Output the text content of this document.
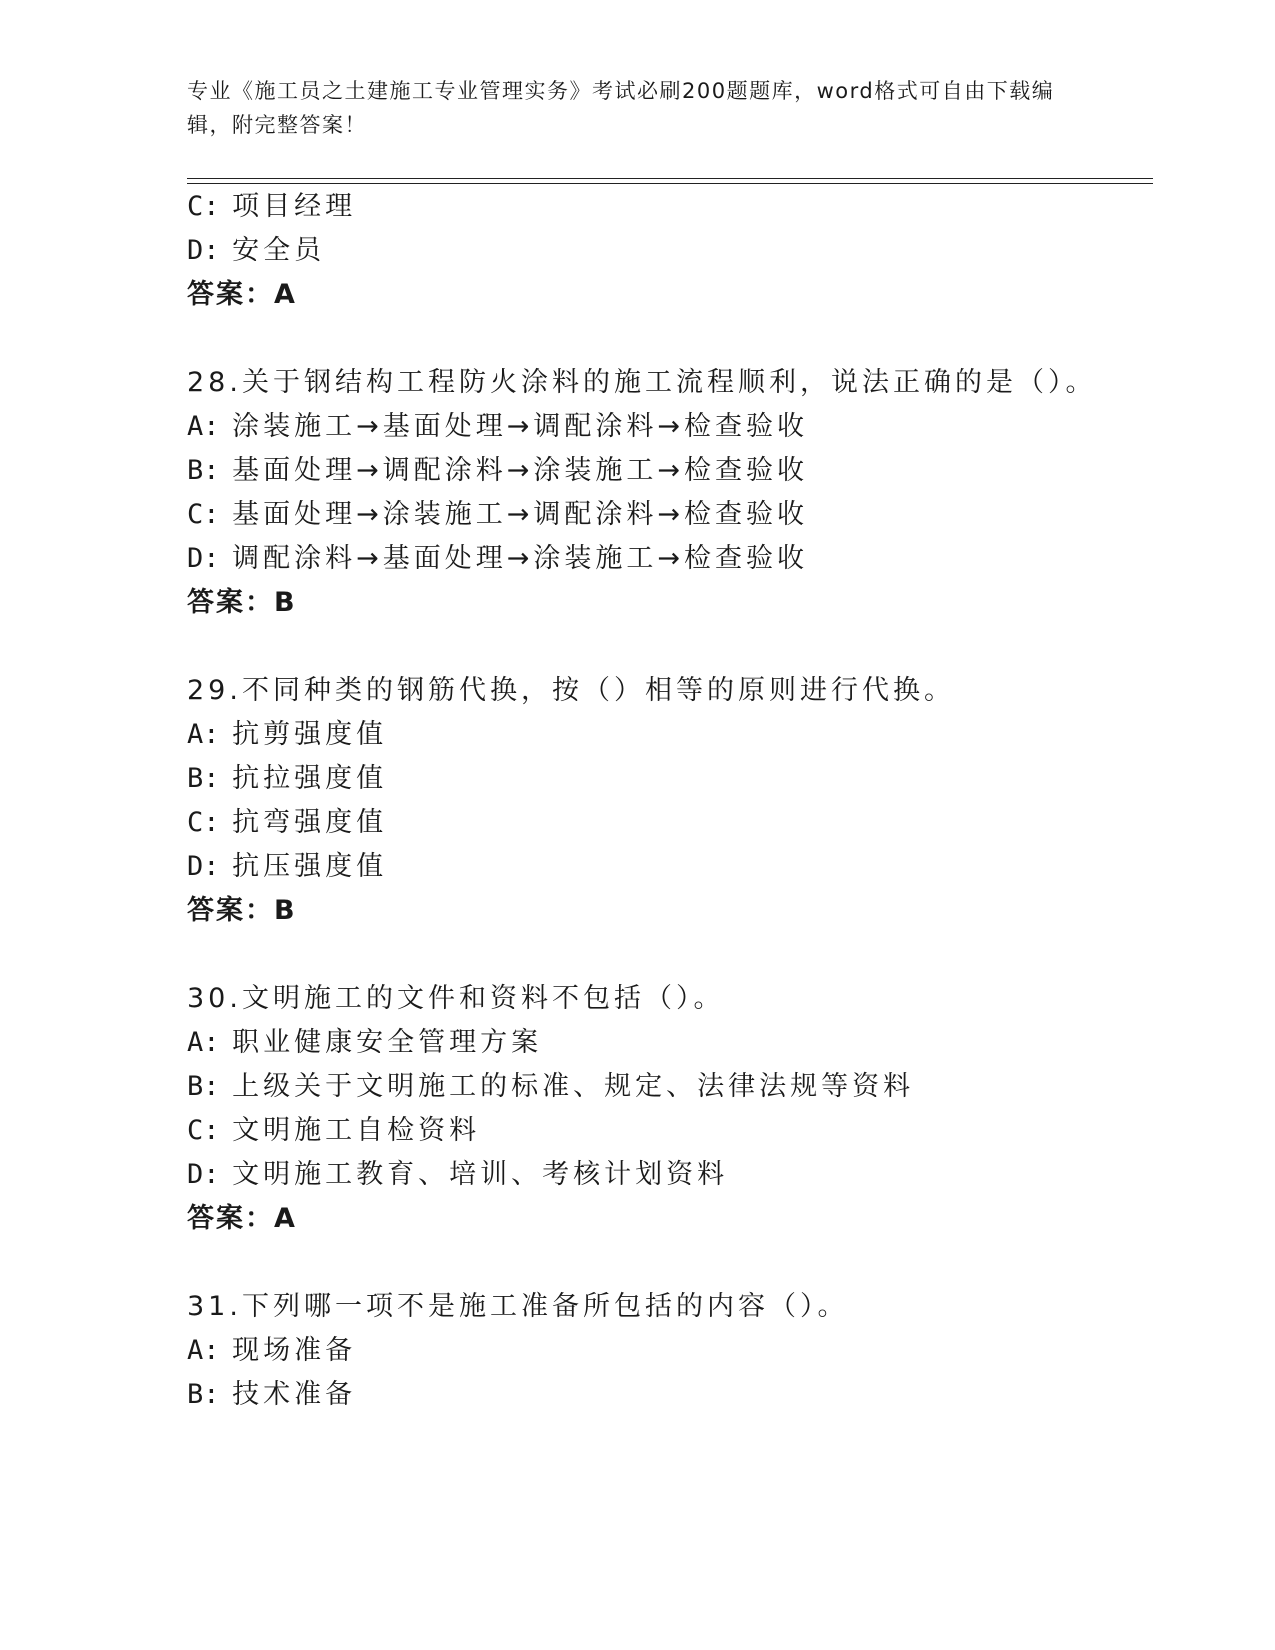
专业《施工员之土建施工专业管理实务》考试必刷200题题库，word格式可自由下载编辑，附完整答案！
C: 项目经理
D: 安全员
答案：A
28.关于钢结构工程防火涂料的施工流程顺利，说法正确的是（）。
A: 涂装施工→基面处理→调配涂料→检查验收
B: 基面处理→调配涂料→涂装施工→检查验收
C: 基面处理→涂装施工→调配涂料→检查验收
D: 调配涂料→基面处理→涂装施工→检查验收
答案：B
29.不同种类的钢筋代换，按（）相等的原则进行代换。
A: 抗剪强度值
B: 抗拉强度值
C: 抗弯强度值
D: 抗压强度值
答案：B
30.文明施工的文件和资料不包括（）。
A: 职业健康安全管理方案
B: 上级关于文明施工的标准、规定、法律法规等资料
C: 文明施工自检资料
D: 文明施工教育、培训、考核计划资料
答案：A
31.下列哪一项不是施工准备所包括的内容（）。
A: 现场准备
B: 技术准备
